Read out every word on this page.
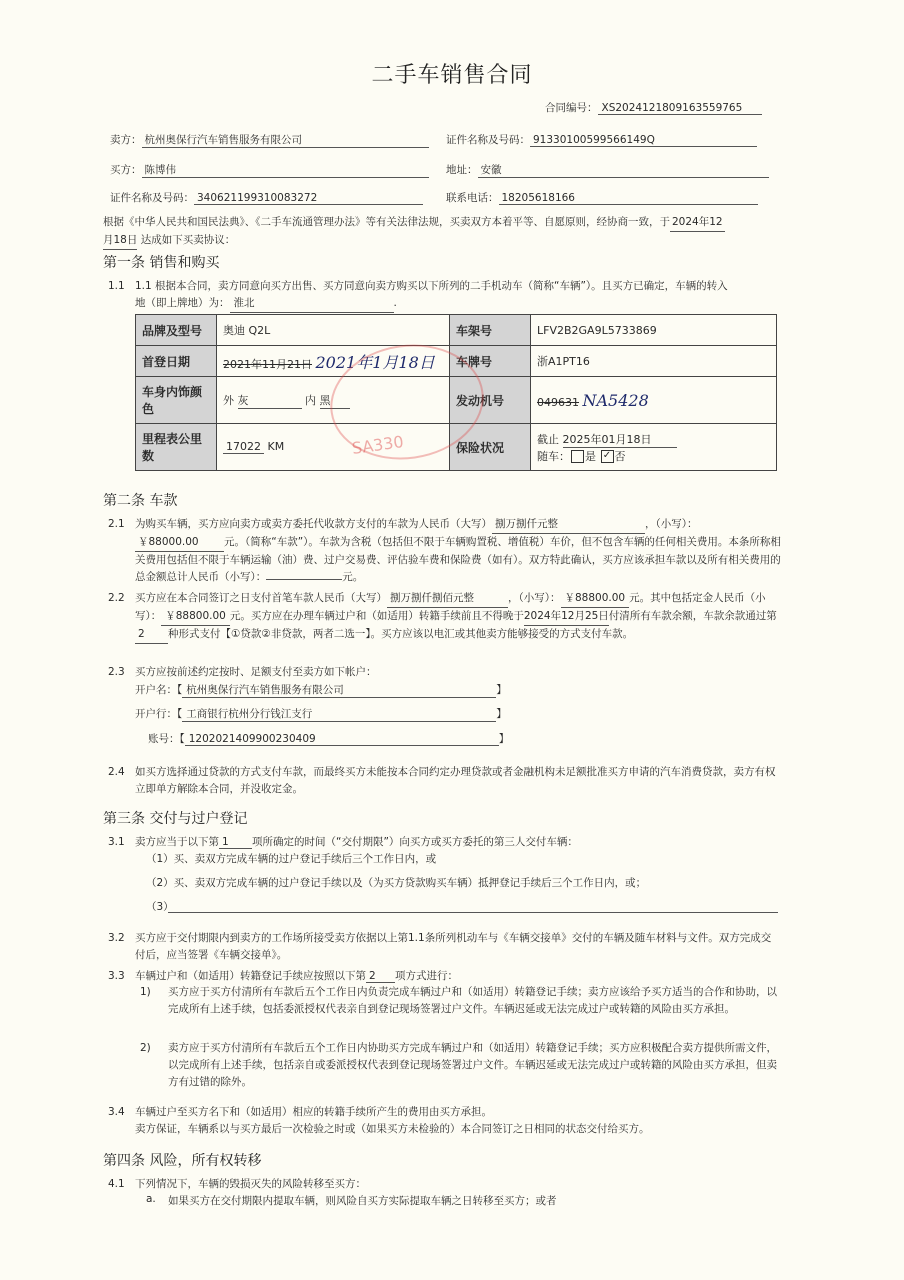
二手车销售合同
合同编号： XS2024121809163559765
卖方： 杭州奥保行汽车销售服务有限公司	证件名称及号码： 91330100599566149Q
买方： 陈博伟	地址： 安徽
证件名称及号码： 340621199310083272	联系电话： 18205618166
根据《中华人民共和国民法典》、《二手车流通管理办法》等有关法律法规，买卖双方本着平等、自愿原则，经协商一致，于 2024年12
月18日 达成如下买卖协议：
第一条 销售和购买
1.1 1.1 根据本合同，卖方同意向买方出售、买方同意向卖方购买以下所列的二手机动车（简称“车辆”）。且买方已确定，车辆的转入
地（即上牌地）为： 淮北	.
品牌及型号	奥迪 Q2L	车架号	LFV2B2GA9L5733869
首登日期	2021年11月21日 2021年1月18日	车牌号	浙A1PT16
车身内饰颜色	外 灰 内 黑	发动机号	049631 NA5428
里程表公里数	17022 KM	保险状况	截止 2025年01月18日
随车： 是 ✓ 否
SA330
第二条 车款
2.1 为购买车辆，买方应向卖方或卖方委托代收款方支付的车款为人民币（大写） 捌万捌仟元整	，（小写）：
￥88000.00 元。（简称“车款”）。车款为含税（包括但不限于车辆购置税、增值税）车价，但不包含车辆的任何相关费用。本条所称相关费用包括但不限于车辆运输（油）费、过户交易费、评估验车费和保险费（如有）。双方特此确认，买方应该承担车款以及所有相关费用的总金额总计人民币（小写）：	元。
2.2 买方应在本合同签订之日支付首笔车款人民币（大写） 捌万捌仟捌佰元整	，（小写）： ￥88800.00 元。其中包括定金人民币（小写）： ￥88800.00 元。买方应在办理车辆过户和（如适用）转籍手续前且不得晚于2024年12月25日付清所有车款余额，车款余款通过第2 种形式支付【①贷款②非贷款，两者二选一】。买方应该以电汇或其他卖方能够接受的方式支付车款。
2.3 买方应按前述约定按时、足额支付至卖方如下帐户：
开户名：【 杭州奥保行汽车销售服务有限公司	】
开户行：【 工商银行杭州分行钱江支行	】
账号：【 1202021409900230409	】
2.4 如买方选择通过贷款的方式支付车款，而最终买方未能按本合同约定办理贷款或者金融机构未足额批准买方申请的汽车消费贷款，卖方有权立即单方解除本合同，并没收定金。
第三条 交付与过户登记
3.1 卖方应当于以下第 1 项所确定的时间（“交付期限”）向买方或买方委托的第三人交付车辆：
（1）买、卖双方完成车辆的过户登记手续后三个工作日内，或
（2）买、卖双方完成车辆的过户登记手续以及（为买方贷款购买车辆）抵押登记手续后三个工作日内，或；
（3）
3.2 买方应于交付期限内到卖方的工作场所接受卖方依据以上第1.1条所列机动车与《车辆交接单》交付的车辆及随车材料与文件。双方完成交付后，应当签署《车辆交接单》。
3.3 车辆过户和（如适用）转籍登记手续应按照以下第 2 项方式进行：
1) 买方应于买方付清所有车款后五个工作日内负责完成车辆过户和（如适用）转籍登记手续；卖方应该给予买方适当的合作和协助，以完成所有上述手续，包括委派授权代表亲自到登记现场签署过户文件。车辆迟延或无法完成过户或转籍的风险由买方承担。
2) 卖方应于买方付清所有车款后五个工作日内协助买方完成车辆过户和（如适用）转籍登记手续；买方应积极配合卖方提供所需文件，以完成所有上述手续，包括亲自或委派授权代表到登记现场签署过户文件。车辆迟延或无法完成过户或转籍的风险由买方承担，但卖方有过错的除外。
3.4 车辆过户至买方名下和（如适用）相应的转籍手续所产生的费用由买方承担。
卖方保证，车辆系以与买方最后一次检验之时或（如果买方未检验的）本合同签订之日相同的状态交付给买方。
第四条 风险，所有权转移
4.1 下列情况下，车辆的毁损灭失的风险转移至买方：
a. 如果买方在交付期限内提取车辆，则风险自买方实际提取车辆之日转移至买方；或者
